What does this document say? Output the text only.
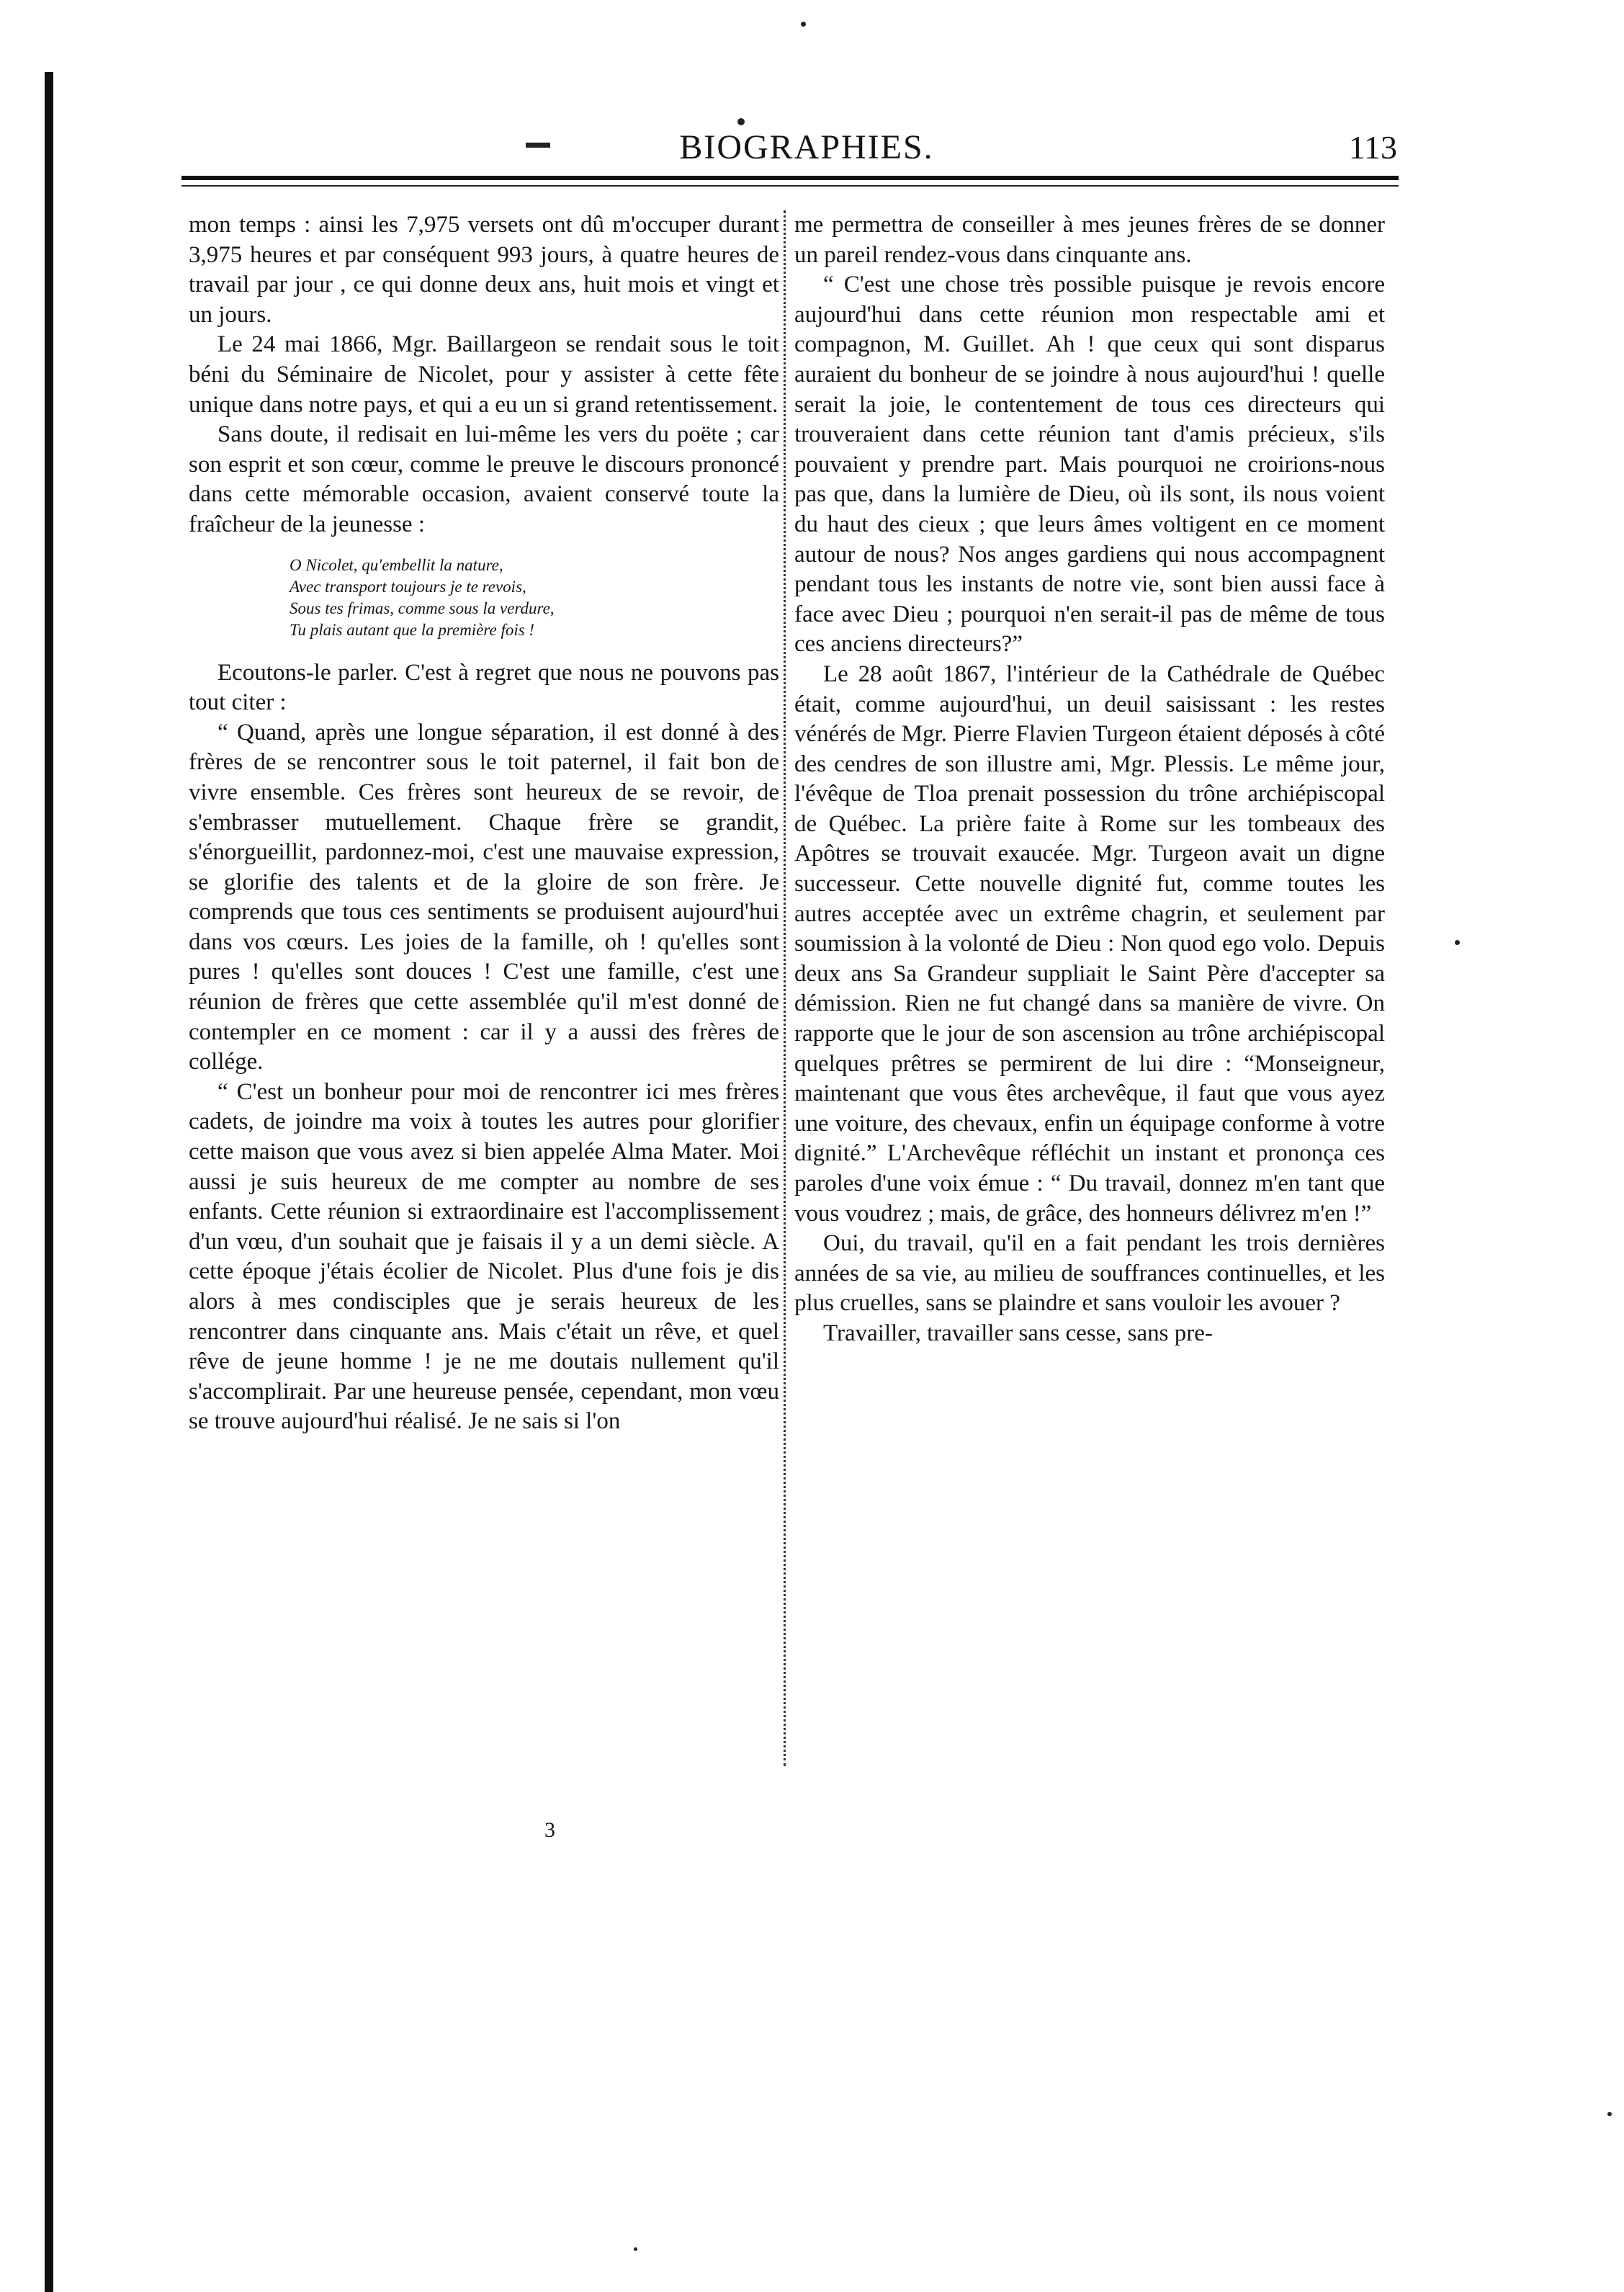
BIOGRAPHIES.	113

mon temps : ainsi les 7,975 versets ont dû m'occuper durant 3,975 heures et par conséquent 993 jours, à quatre heures de travail par jour , ce qui donne deux ans, huit mois et vingt et un jours.

Le 24 mai 1866, Mgr. Baillargeon se rendait sous le toit béni du Séminaire de Nicolet, pour y assister à cette fête unique dans notre pays, et qui a eu un si grand retentissement.

Sans doute, il redisait en lui-même les vers du poëte ; car son esprit et son cœur, comme le preuve le discours prononcé dans cette mémorable occasion, avaient conservé toute la fraîcheur de la jeunesse :

O Nicolet, qu'embellit la nature,
Avec transport toujours je te revois,
Sous tes frimas, comme sous la verdure,
Tu plais autant que la première fois !

Ecoutons-le parler. C'est à regret que nous ne pouvons pas tout citer :

“ Quand, après une longue séparation, il est donné à des frères de se rencontrer sous le toit paternel, il fait bon de vivre ensemble. Ces frères sont heureux de se revoir, de s'embrasser mutuellement. Chaque frère se grandit, s'énorgueillit, pardonnez-moi, c'est une mauvaise expression, se glorifie des talents et de la gloire de son frère. Je comprends que tous ces sentiments se produisent aujourd'hui dans vos cœurs. Les joies de la famille, oh ! qu'elles sont pures ! qu'elles sont douces ! C'est une famille, c'est une réunion de frères que cette assemblée qu'il m'est donné de contempler en ce moment : car il y a aussi des frères de collége.

“ C'est un bonheur pour moi de rencontrer ici mes frères cadets, de joindre ma voix à toutes les autres pour glorifier cette maison que vous avez si bien appelée Alma Mater. Moi aussi je suis heureux de me compter au nombre de ses enfants. Cette réunion si extraordinaire est l'accomplissement d'un vœu, d'un souhait que je faisais il y a un demi siècle. A cette époque j'étais écolier de Nicolet. Plus d'une fois je dis alors à mes condisciples que je serais heureux de les rencontrer dans cinquante ans. Mais c'était un rêve, et quel rêve de jeune homme ! je ne me doutais nullement qu'il s'accomplirait. Par une heureuse pensée, cependant, mon vœu se trouve aujourd'hui réalisé. Je ne sais si l'on

me permettra de conseiller à mes jeunes frères de se donner un pareil rendez-vous dans cinquante ans.

“ C'est une chose très possible puisque je revois encore aujourd'hui dans cette réunion mon respectable ami et compagnon, M. Guillet. Ah ! que ceux qui sont disparus auraient du bonheur de se joindre à nous aujourd'hui ! quelle serait la joie, le contentement de tous ces directeurs qui trouveraient dans cette réunion tant d'amis précieux, s'ils pouvaient y prendre part. Mais pourquoi ne croirions-nous pas que, dans la lumière de Dieu, où ils sont, ils nous voient du haut des cieux ; que leurs âmes voltigent en ce moment autour de nous? Nos anges gardiens qui nous accompagnent pendant tous les instants de notre vie, sont bien aussi face à face avec Dieu ; pourquoi n'en serait-il pas de même de tous ces anciens directeurs?”

Le 28 août 1867, l'intérieur de la Cathédrale de Québec était, comme aujourd'hui, un deuil saisissant : les restes vénérés de Mgr. Pierre Flavien Turgeon étaient déposés à côté des cendres de son illustre ami, Mgr. Plessis. Le même jour, l'évêque de Tloa prenait possession du trône archiépiscopal de Québec. La prière faite à Rome sur les tombeaux des Apôtres se trouvait exaucée. Mgr. Turgeon avait un digne successeur. Cette nouvelle dignité fut, comme toutes les autres acceptée avec un extrême chagrin, et seulement par soumission à la volonté de Dieu : Non quod ego volo. Depuis deux ans Sa Grandeur suppliait le Saint Père d'accepter sa démission. Rien ne fut changé dans sa manière de vivre. On rapporte que le jour de son ascension au trône archiépiscopal quelques prêtres se permirent de lui dire : “Monseigneur, maintenant que vous êtes archevêque, il faut que vous ayez une voiture, des chevaux, enfin un équipage conforme à votre dignité.” L'Archevêque réfléchit un instant et prononça ces paroles d'une voix émue : “ Du travail, donnez m'en tant que vous voudrez ; mais, de grâce, des honneurs délivrez m'en !”

Oui, du travail, qu'il en a fait pendant les trois dernières années de sa vie, au milieu de souffrances continuelles, et les plus cruelles, sans se plaindre et sans vouloir les avouer ?

Travailler, travailler sans cesse, sans pre-

3
